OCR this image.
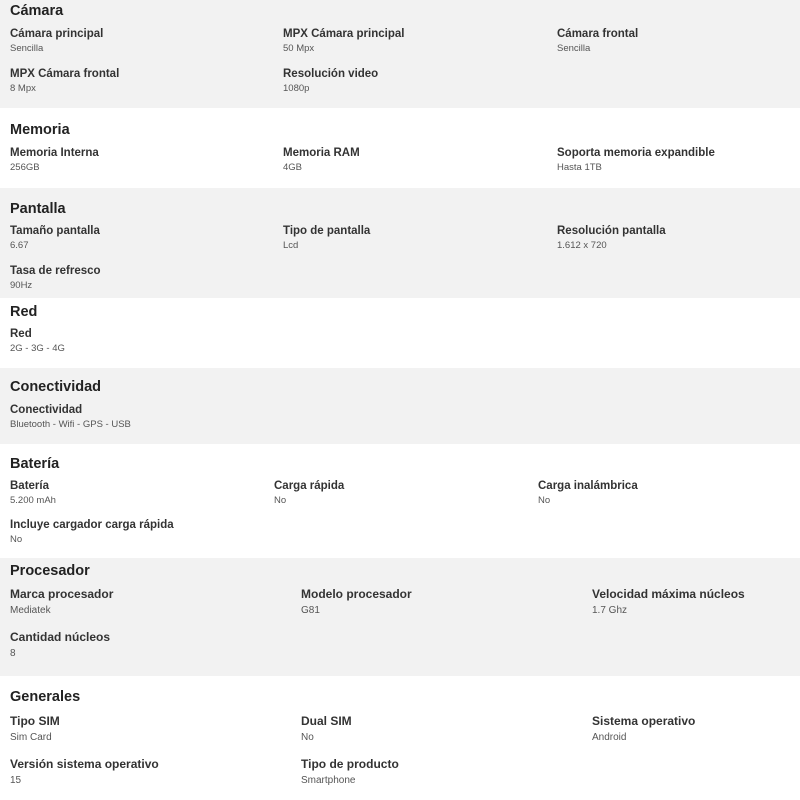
Cámara
Cámara principal
Sencilla
MPX Cámara principal
50 Mpx
Cámara frontal
Sencilla
MPX Cámara frontal
8 Mpx
Resolución video
1080p
Memoria
Memoria Interna
256GB
Memoria RAM
4GB
Soporta memoria expandible
Hasta 1TB
Pantalla
Tamaño pantalla
6.67
Tipo de pantalla
Lcd
Resolución pantalla
1.612 x 720
Tasa de refresco
90Hz
Red
Red
2G - 3G - 4G
Conectividad
Conectividad
Bluetooth - Wifi - GPS - USB
Batería
Batería
5.200 mAh
Carga rápida
No
Carga inalámbrica
No
Incluye cargador carga rápida
No
Procesador
Marca procesador
Mediatek
Modelo procesador
G81
Velocidad máxima núcleos
1.7 Ghz
Cantidad núcleos
8
Generales
Tipo SIM
Sim Card
Dual SIM
No
Sistema operativo
Android
Versión sistema operativo
15
Tipo de producto
Smartphone
